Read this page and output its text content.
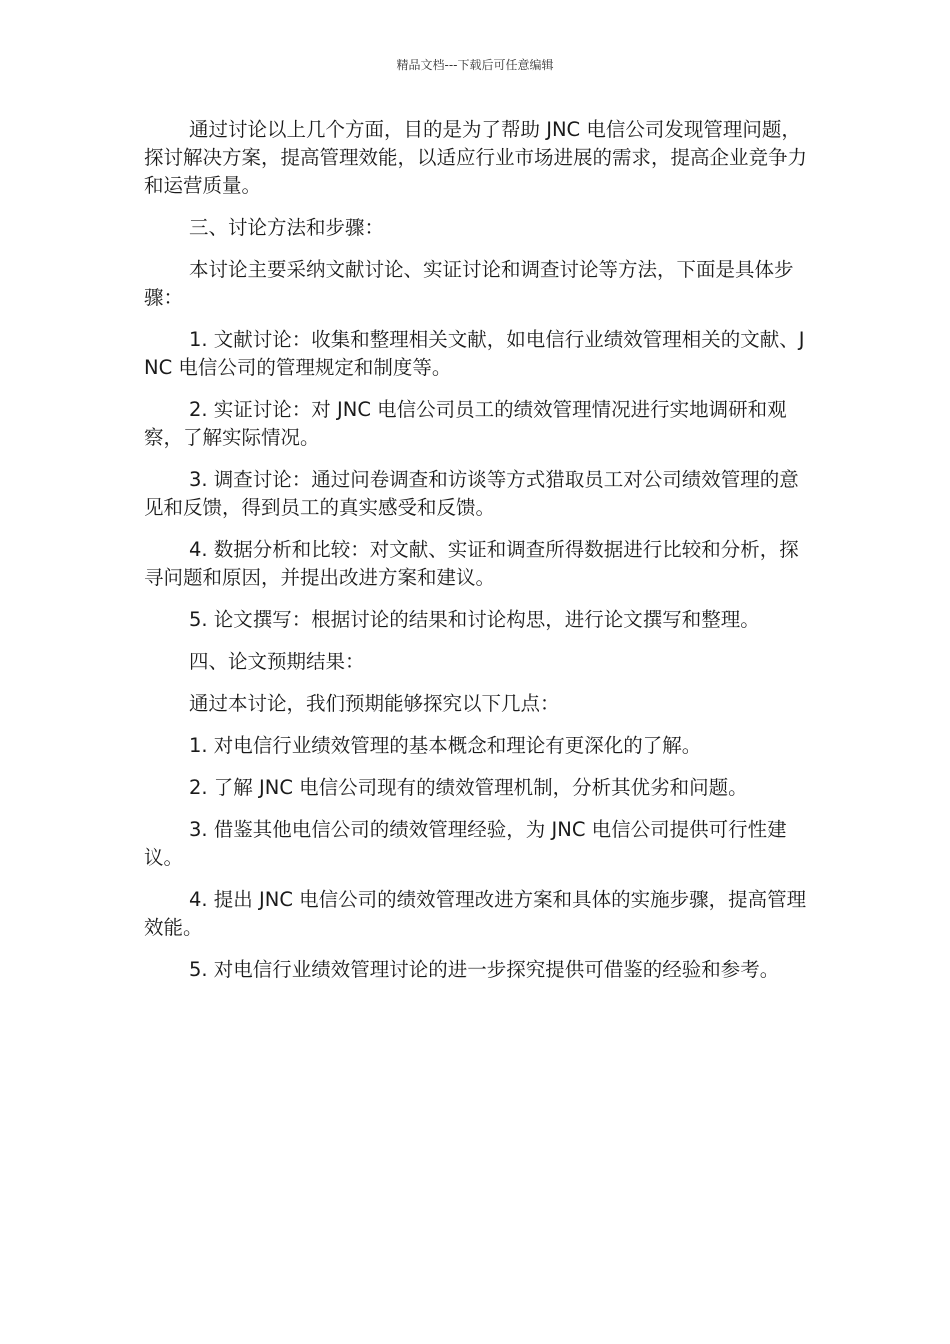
精品文档---下载后可任意编辑

通过讨论以上几个方面，目的是为了帮助 JNC 电信公司发现管理问题，探讨解决方案，提高管理效能，以适应行业市场进展的需求，提高企业竞争力和运营质量。

三、讨论方法和步骤：

本讨论主要采纳文献讨论、实证讨论和调查讨论等方法，下面是具体步骤：

1. 文献讨论：收集和整理相关文献，如电信行业绩效管理相关的文献、JNC 电信公司的管理规定和制度等。

2. 实证讨论：对 JNC 电信公司员工的绩效管理情况进行实地调研和观察，了解实际情况。

3. 调查讨论：通过问卷调查和访谈等方式猎取员工对公司绩效管理的意见和反馈，得到员工的真实感受和反馈。

4. 数据分析和比较：对文献、实证和调查所得数据进行比较和分析，探寻问题和原因，并提出改进方案和建议。

5. 论文撰写：根据讨论的结果和讨论构思，进行论文撰写和整理。

四、论文预期结果：

通过本讨论，我们预期能够探究以下几点：

1. 对电信行业绩效管理的基本概念和理论有更深化的了解。

2. 了解 JNC 电信公司现有的绩效管理机制，分析其优劣和问题。

3. 借鉴其他电信公司的绩效管理经验，为 JNC 电信公司提供可行性建议。

4. 提出 JNC 电信公司的绩效管理改进方案和具体的实施步骤，提高管理效能。

5. 对电信行业绩效管理讨论的进一步探究提供可借鉴的经验和参考。
